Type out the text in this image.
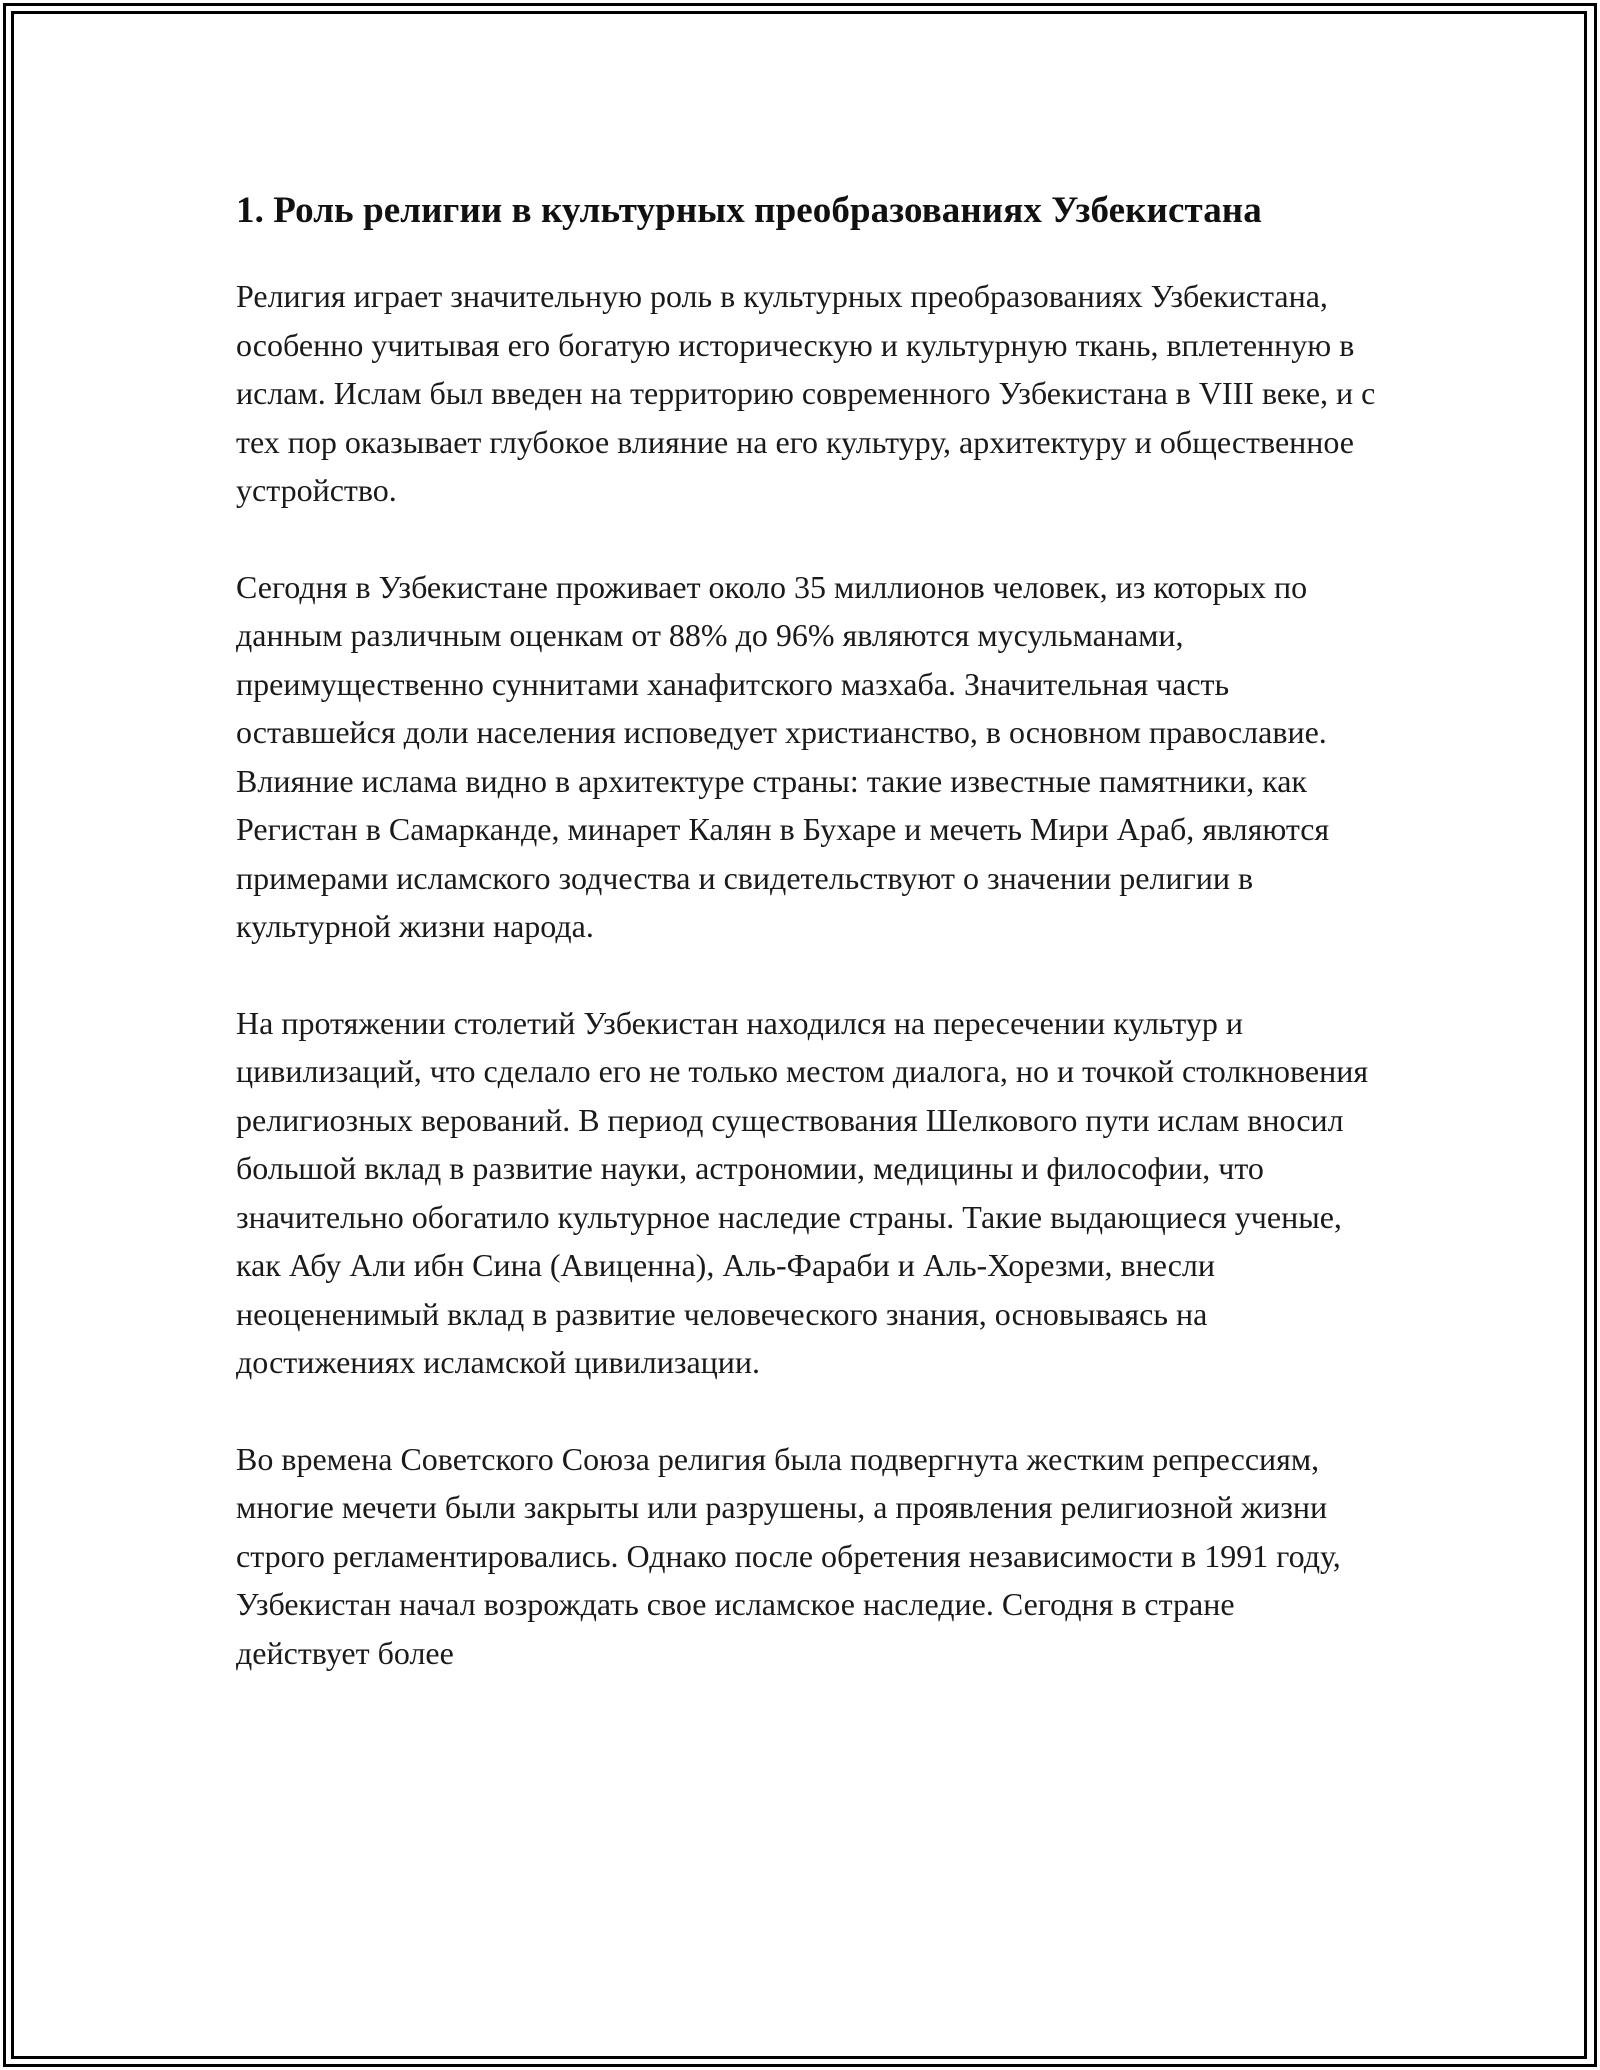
1. Роль религии в культурных преобразованиях Узбекистана

Религия играет значительную роль в культурных преобразованиях Узбекистана, особенно учитывая его богатую историческую и культурную ткань, вплетенную в ислам. Ислам был введен на территорию современного Узбекистана в VIII веке, и с тех пор оказывает глубокое влияние на его культуру, архитектуру и общественное устройство.

Сегодня в Узбекистане проживает около 35 миллионов человек, из которых по данным различным оценкам от 88% до 96% являются мусульманами, преимущественно суннитами ханафитского мазхаба. Значительная часть оставшейся доли населения исповедует христианство, в основном православие. Влияние ислама видно в архитектуре страны: такие известные памятники, как Регистан в Самарканде, минарет Калян в Бухаре и мечеть Мири Араб, являются примерами исламского зодчества и свидетельствуют о значении религии в культурной жизни народа.

На протяжении столетий Узбекистан находился на пересечении культур и цивилизаций, что сделало его не только местом диалога, но и точкой столкновения религиозных верований. В период существования Шелкового пути ислам вносил большой вклад в развитие науки, астрономии, медицины и философии, что значительно обогатило культурное наследие страны. Такие выдающиеся ученые, как Абу Али ибн Сина (Авиценна), Аль-Фараби и Аль-Хорезми, внесли неоцененимый вклад в развитие человеческого знания, основываясь на достижениях исламской цивилизации.

Во времена Советского Союза религия была подвергнута жестким репрессиям, многие мечети были закрыты или разрушены, а проявления религиозной жизни строго регламентировались. Однако после обретения независимости в 1991 году, Узбекистан начал возрождать свое исламское наследие. Сегодня в стране действует более
